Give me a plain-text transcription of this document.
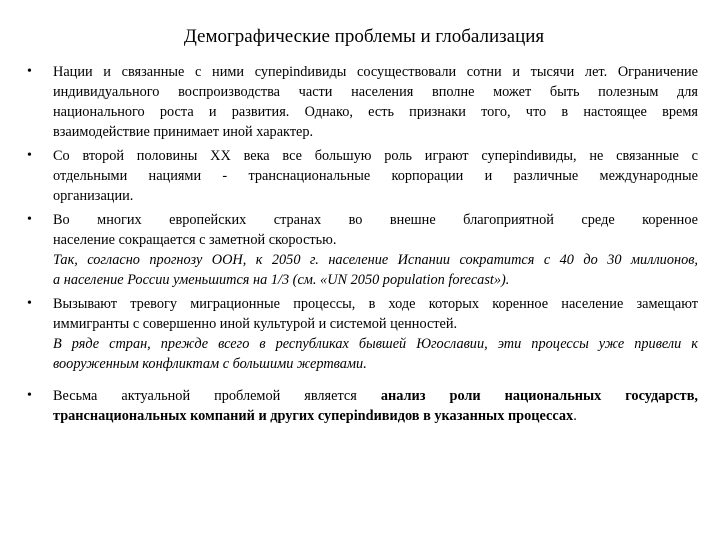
Демографические проблемы и глобализация
• Нации и связанные с ними суперindивиды сосуществовали сотни и тысячи лет. Ограничение
индивидуального воспроизводства части населения вполне может быть полезным для
национального роста и развития. Однако, есть признаки того, что в настоящее время
взаимодействие принимает иной характер.
• Со второй половины XX века все большую роль играют суперindивиды, не связанные с
отдельными нациями - транснациональные корпорации и различные международные
организации.
• Во многих европейских странах во внешне благоприятной среде коренное
население сокращается с заметной скоростью.
Так, согласно прогнозу ООН, к 2050 г. население Испании сократится с 40 до 30 миллионов,
а население России уменьшится на 1/3 (см. «UN 2050 population forecast»).
• Вызывают тревогу миграционные процессы, в ходе которых коренное население замещают
иммигранты с совершенно иной культурой и системой ценностей.
В ряде стран, прежде всего в республиках бывшей Югославии, эти процессы уже привели к
вооруженным конфликтам с большими жертвами.
• Весьма актуальной проблемой является анализ роли национальных государств,
транснациональных компаний и других суперindивидов в указанных процессах.
